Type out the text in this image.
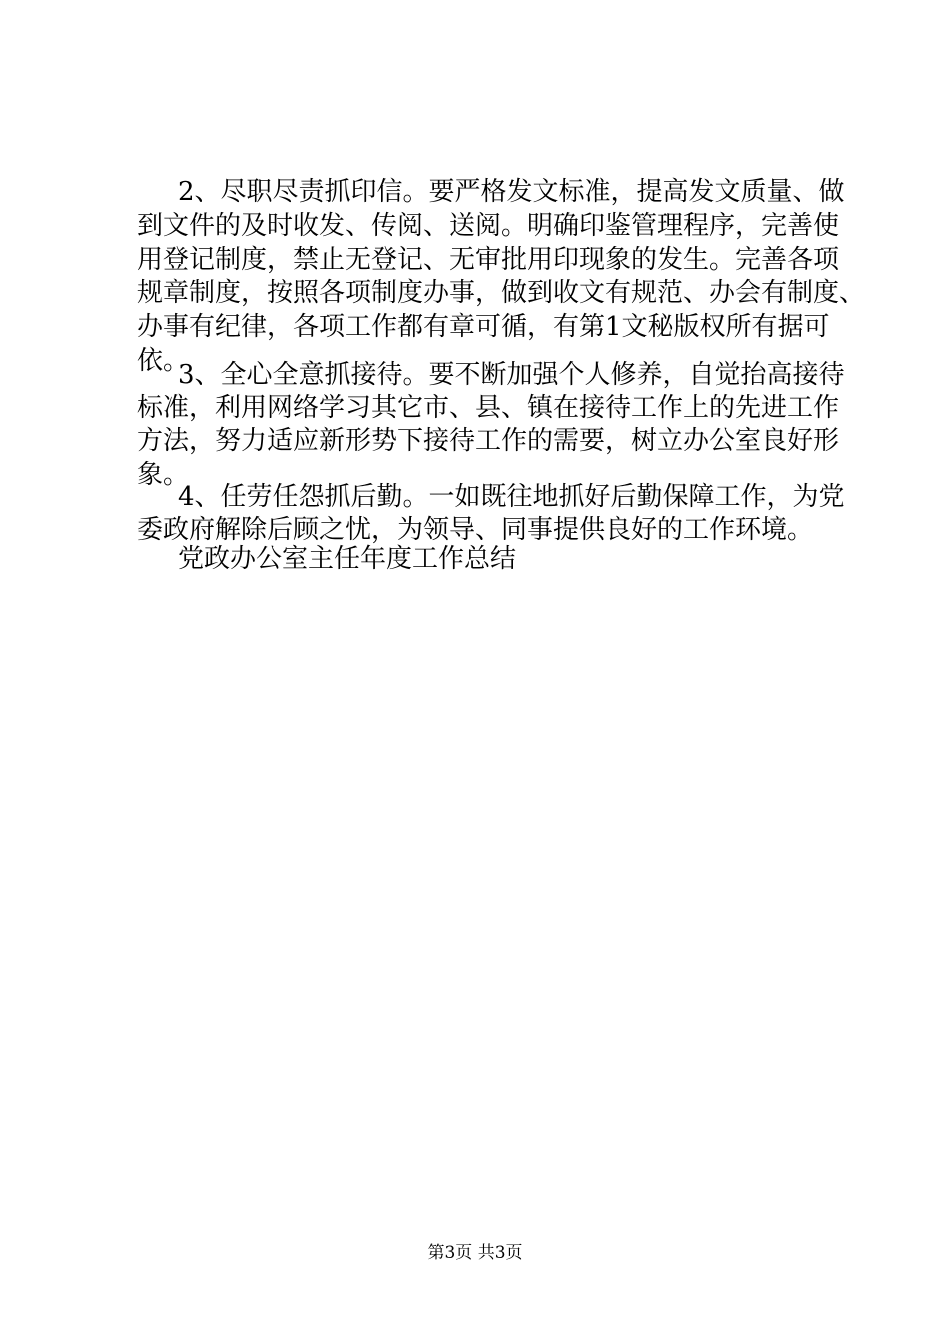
2、尽职尽责抓印信。要严格发文标准，提高发文质量、做
到文件的及时收发、传阅、送阅。明确印鉴管理程序，完善使
用登记制度，禁止无登记、无审批用印现象的发生。完善各项
规章制度，按照各项制度办事，做到收文有规范、办会有制度、
办事有纪律，各项工作都有章可循，有第1文秘版权所有据可
依。
3、全心全意抓接待。要不断加强个人修养，自觉抬高接待
标准，利用网络学习其它市、县、镇在接待工作上的先进工作
方法，努力适应新形势下接待工作的需要，树立办公室良好形
象。
4、任劳任怨抓后勤。一如既往地抓好后勤保障工作，为党
委政府解除后顾之忧，为领导、同事提供良好的工作环境。
党政办公室主任年度工作总结
第3页 共3页
